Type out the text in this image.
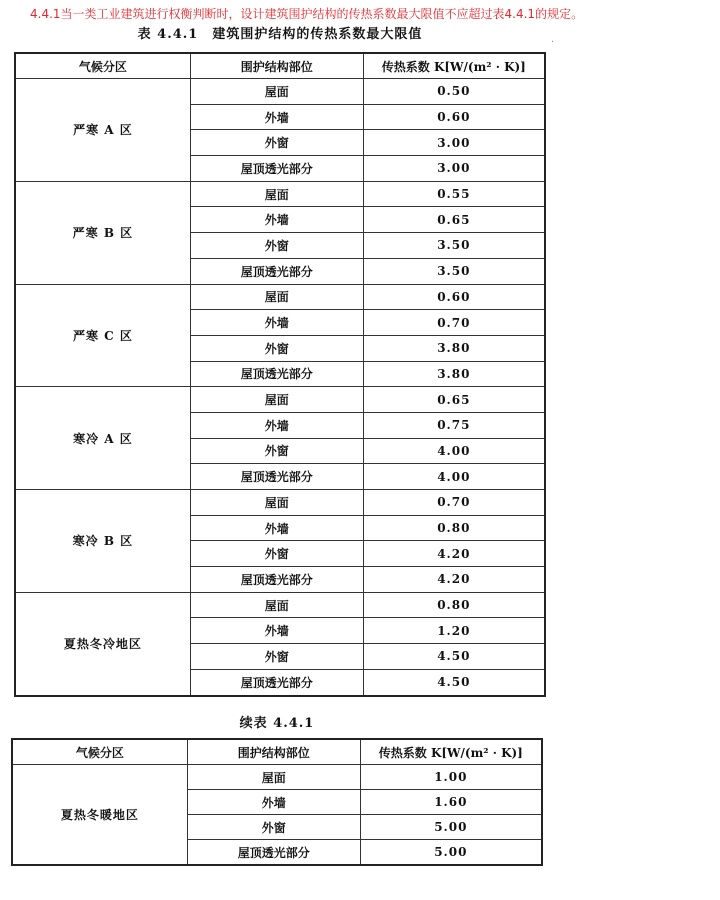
4.4.1当一类工业建筑进行权衡判断时，设计建筑围护结构的传热系数最大限值不应超过表4.4.1的规定。
表 4.4.1　建筑围护结构的传热系数最大限值	.
气候分区	围护结构部位	传热系数 K[W/(m² · K)]
严寒 A 区	屋面	0.50
	外墙	0.60
	外窗	3.00
	屋顶透光部分	3.00
严寒 B 区	屋面	0.55
	外墙	0.65
	外窗	3.50
	屋顶透光部分	3.50
严寒 C 区	屋面	0.60
	外墙	0.70
	外窗	3.80
	屋顶透光部分	3.80
寒冷 A 区	屋面	0.65
	外墙	0.75
	外窗	4.00
	屋顶透光部分	4.00
寒冷 B 区	屋面	0.70
	外墙	0.80
	外窗	4.20
	屋顶透光部分	4.20
夏热冬冷地区	屋面	0.80
	外墙	1.20
	外窗	4.50
	屋顶透光部分	4.50
续表 4.4.1
气候分区	围护结构部位	传热系数 K[W/(m² · K)]
夏热冬暖地区	屋面	1.00
	外墙	1.60
	外窗	5.00
	屋顶透光部分	5.00
